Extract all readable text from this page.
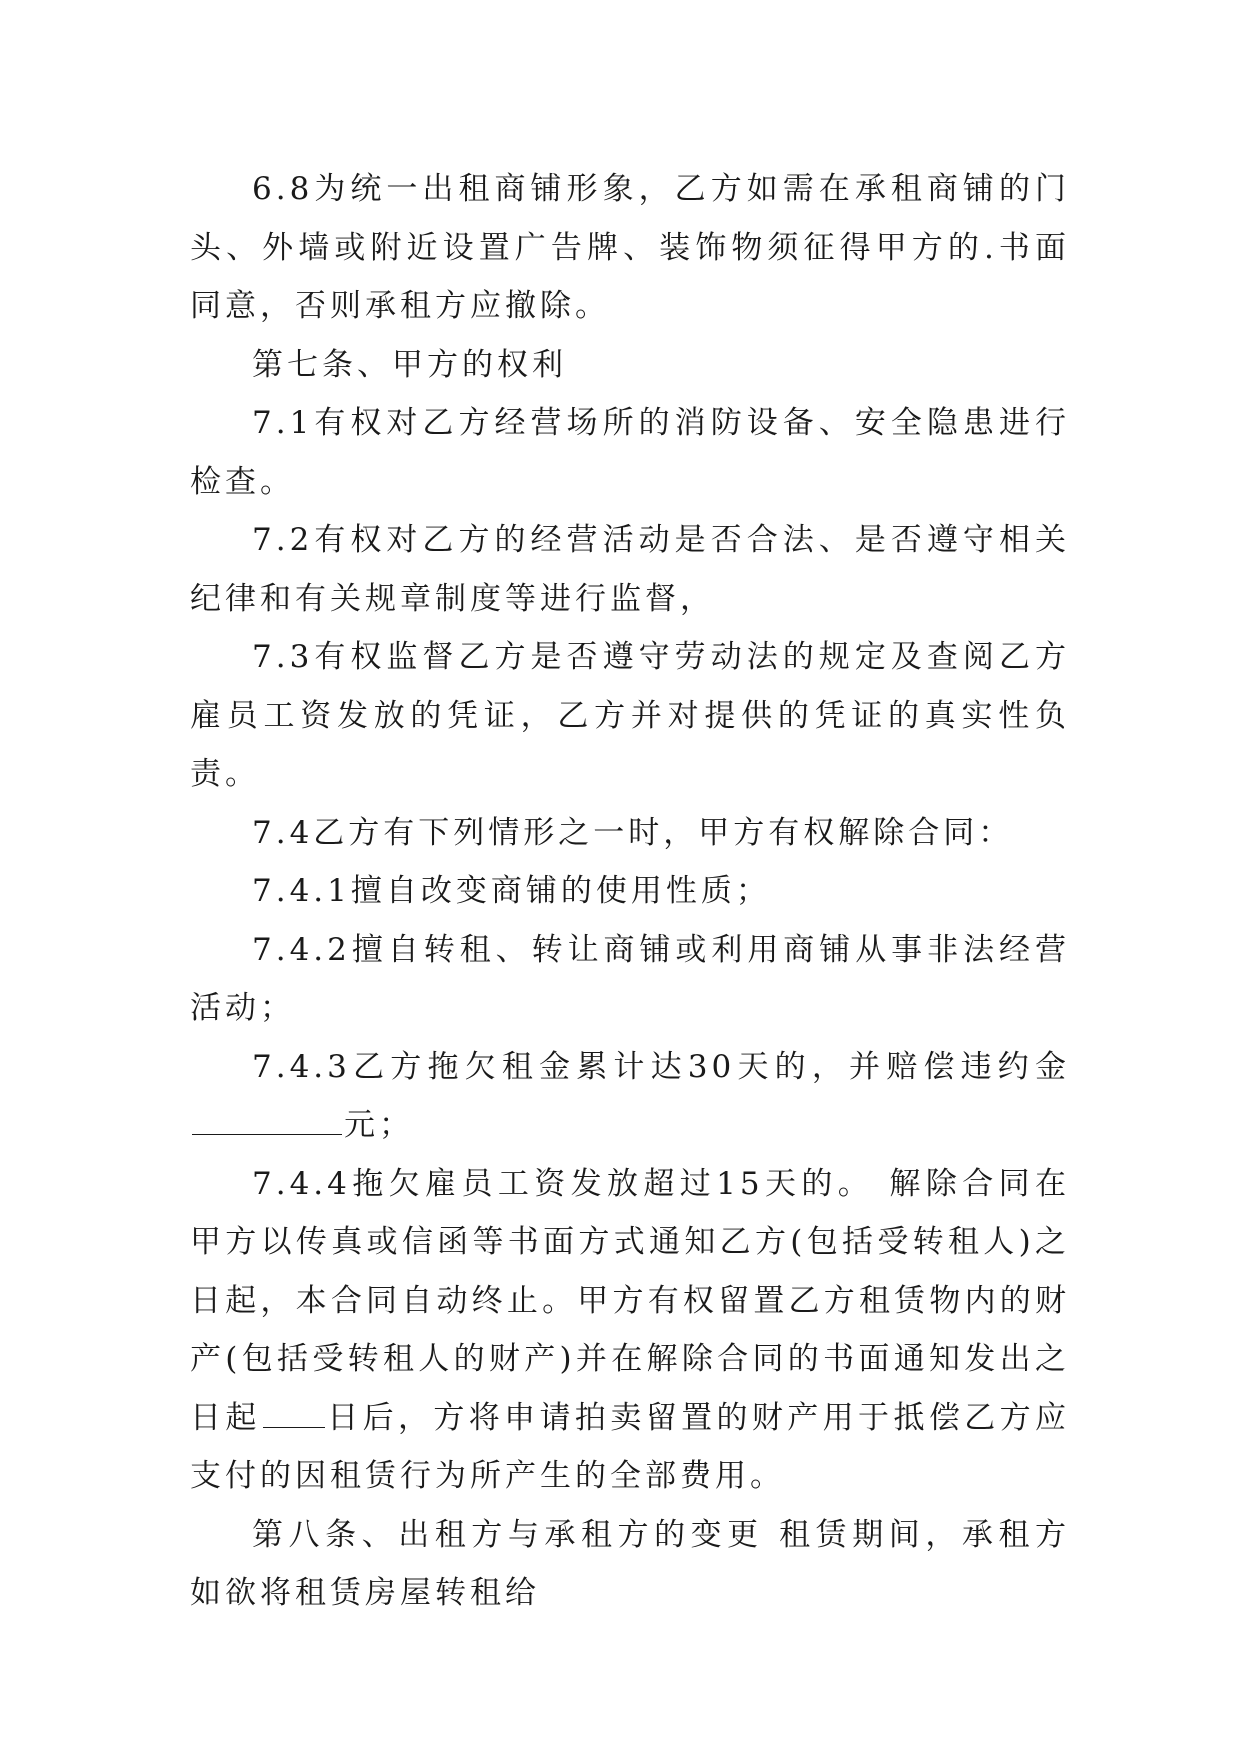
6.8为统一出租商铺形象，乙方如需在承租商铺的门头、外墙或附近设置广告牌、装饰物须征得甲方的.书面同意，否则承租方应撤除。

第七条、甲方的权利

7.1有权对乙方经营场所的消防设备、安全隐患进行检查。

7.2有权对乙方的经营活动是否合法、是否遵守相关纪律和有关规章制度等进行监督，

7.3有权监督乙方是否遵守劳动法的规定及查阅乙方雇员工资发放的凭证，乙方并对提供的凭证的真实性负责。

7.4乙方有下列情形之一时，甲方有权解除合同：

7.4.1擅自改变商铺的使用性质；

7.4.2擅自转租、转让商铺或利用商铺从事非法经营活动；

7.4.3乙方拖欠租金累计达30天的，并赔偿违约金元；

7.4.4拖欠雇员工资发放超过15天的。 解除合同在甲方以传真或信函等书面方式通知乙方(包括受转租人)之日起，本合同自动终止。甲方有权留置乙方租赁物内的财产(包括受转租人的财产)并在解除合同的书面通知发出之日起 日后，方将申请拍卖留置的财产用于抵偿乙方应支付的因租赁行为所产生的全部费用。

第八条、出租方与承租方的变更 租赁期间，承租方如欲将租赁房屋转租给
